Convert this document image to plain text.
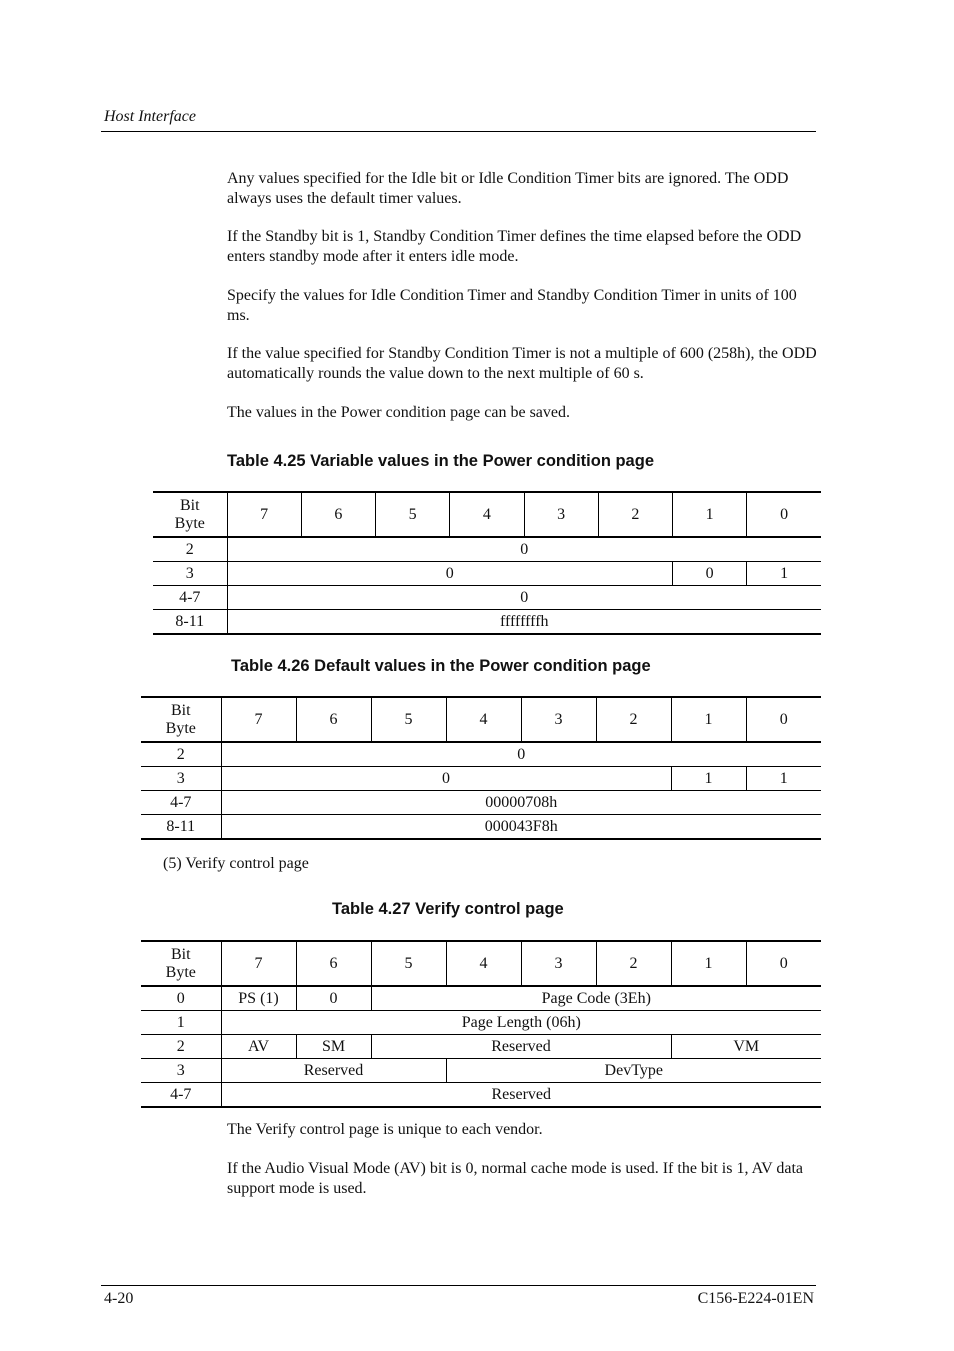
Host Interface

Any values specified for the Idle bit or Idle Condition Timer bits are ignored. The ODD always uses the default timer values.

If the Standby bit is 1, Standby Condition Timer defines the time elapsed before the ODD enters standby mode after it enters idle mode.

Specify the values for Idle Condition Timer and Standby Condition Timer in units of 100 ms.

If the value specified for Standby Condition Timer is not a multiple of 600 (258h), the ODD automatically rounds the value down to the next multiple of 60 s.

The values in the Power condition page can be saved.

Table 4.25 Variable values in the Power condition page
Bit
Byte	7	6	5	4	3	2	1	0
2	0							
3	0						0	1
4-7	0							
8-11	ffffffffh							
Table 4.26 Default values in the Power condition page
Bit
Byte	7	6	5	4	3	2	1	0
2	0							
3	0						1	1
4-7	00000708h							
8-11	000043F8h							
(5) Verify control page
Table 4.27 Verify control page
Bit
Byte	7	6	5	4	3	2	1	0
0	PS (1)	0	Page Code (3Eh)					
1	Page Length (06h)							
2	AV	SM	Reserved				VM	
3	Reserved			DevType				
4-7	Reserved							

The Verify control page is unique to each vendor.

If the Audio Visual Mode (AV) bit is 0, normal cache mode is used. If the bit is 1, AV data support mode is used.

4-20	C156-E224-01EN
